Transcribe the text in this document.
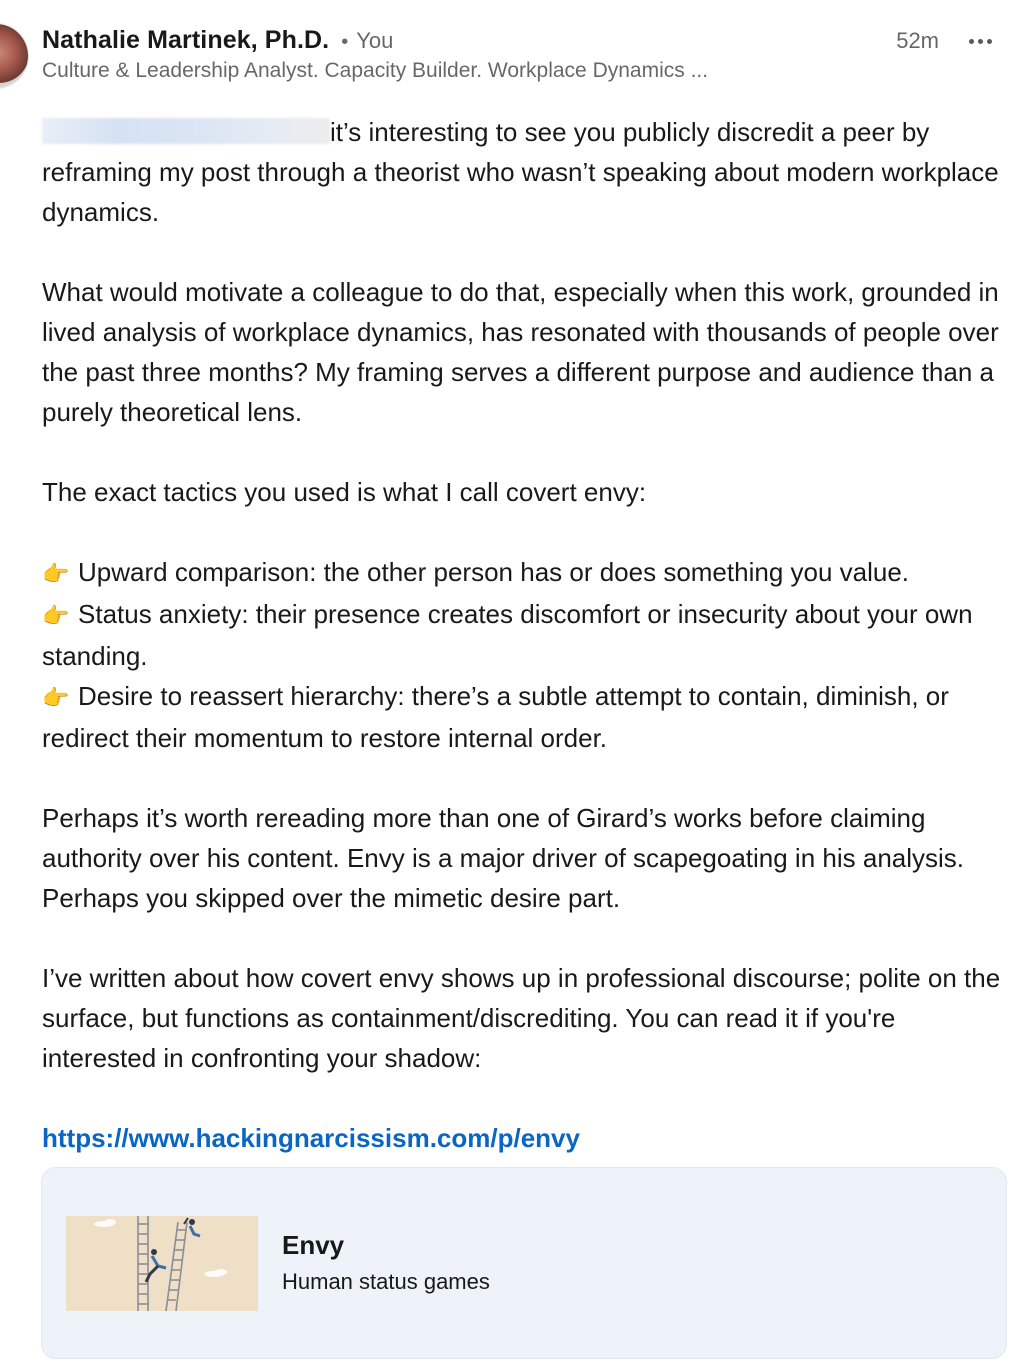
Nathalie Martinek, Ph.D. • You	52m
Culture & Leadership Analyst. Capacity Builder. Workplace Dynamics ...

it’s interesting to see you publicly discredit a peer by reframing my post through a theorist who wasn’t speaking about modern workplace dynamics.

What would motivate a colleague to do that, especially when this work, grounded in lived analysis of workplace dynamics, has resonated with thousands of people over the past three months? My framing serves a different purpose and audience than a purely theoretical lens.

The exact tactics you used is what I call covert envy:

👉 Upward comparison: the other person has or does something you value.
👉 Status anxiety: their presence creates discomfort or insecurity about your own standing.
👉 Desire to reassert hierarchy: there’s a subtle attempt to contain, diminish, or redirect their momentum to restore internal order.

Perhaps it’s worth rereading more than one of Girard’s works before claiming authority over his content. Envy is a major driver of scapegoating in his analysis. Perhaps you skipped over the mimetic desire part.

I’ve written about how covert envy shows up in professional discourse; polite on the surface, but functions as containment/discrediting. You can read it if you're interested in confronting your shadow:

https://www.hackingnarcissism.com/p/envy

Envy
Human status games
